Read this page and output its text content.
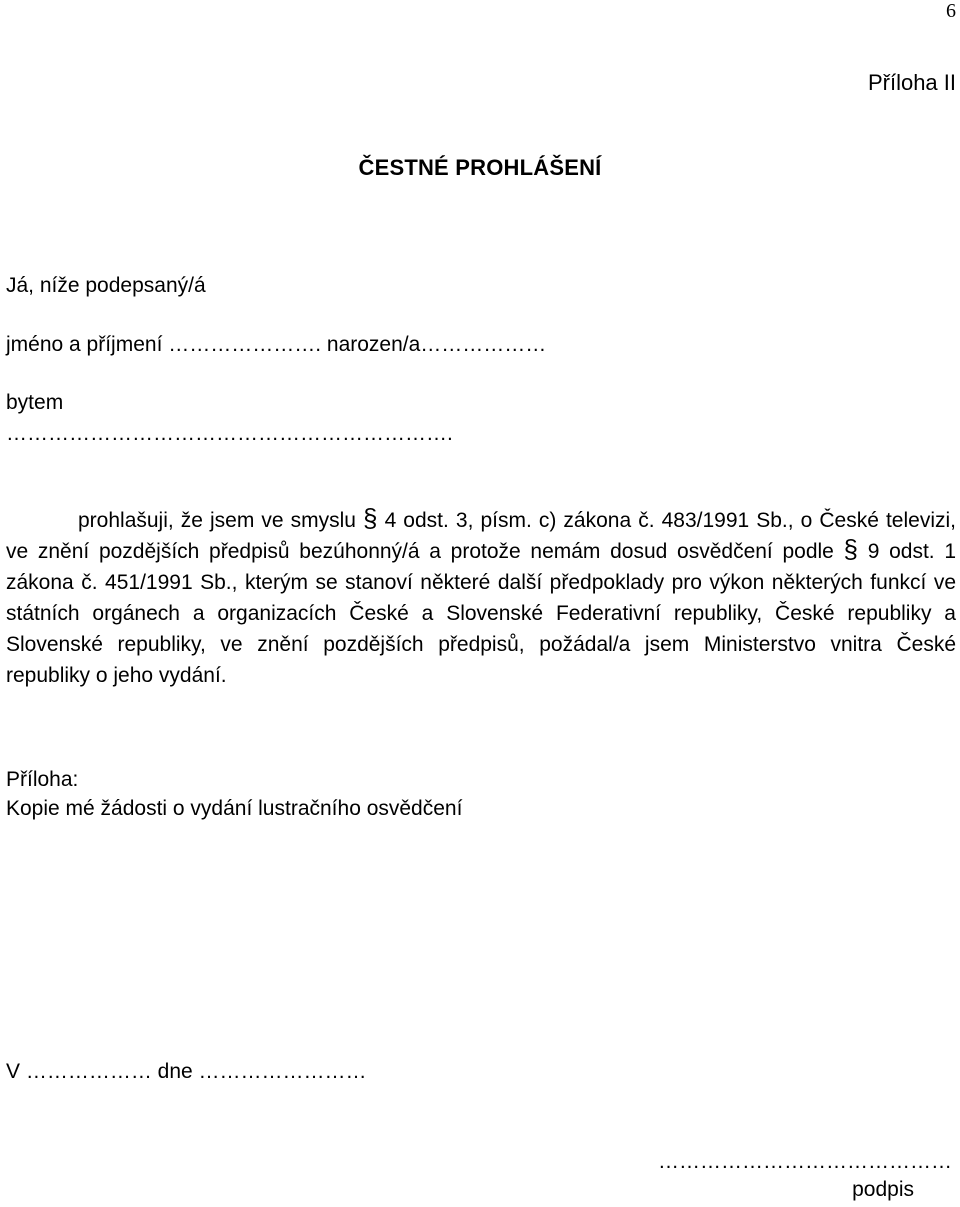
6
Příloha II
ČESTNÉ PROHLÁŠENÍ
Já, níže podepsaný/á
jméno a příjmení …………………. narozen/a………………
bytem
……………………………………………………….
prohlašuji, že jsem ve smyslu § 4 odst. 3, písm. c) zákona č. 483/1991 Sb., o České televizi, ve znění pozdějších předpisů bezúhonný/á a protože nemám dosud osvědčení podle § 9 odst. 1 zákona č. 451/1991 Sb., kterým se stanoví některé další předpoklady pro výkon některých funkcí ve státních orgánech a organizacích České a Slovenské Federativní republiky, České republiky a Slovenské republiky, ve znění pozdějších předpisů, požádal/a jsem Ministerstvo vnitra České republiky o jeho vydání.
Příloha:
Kopie mé žádosti o vydání lustračního osvědčení
V ……………… dne ……………………
……………………………………
podpis
